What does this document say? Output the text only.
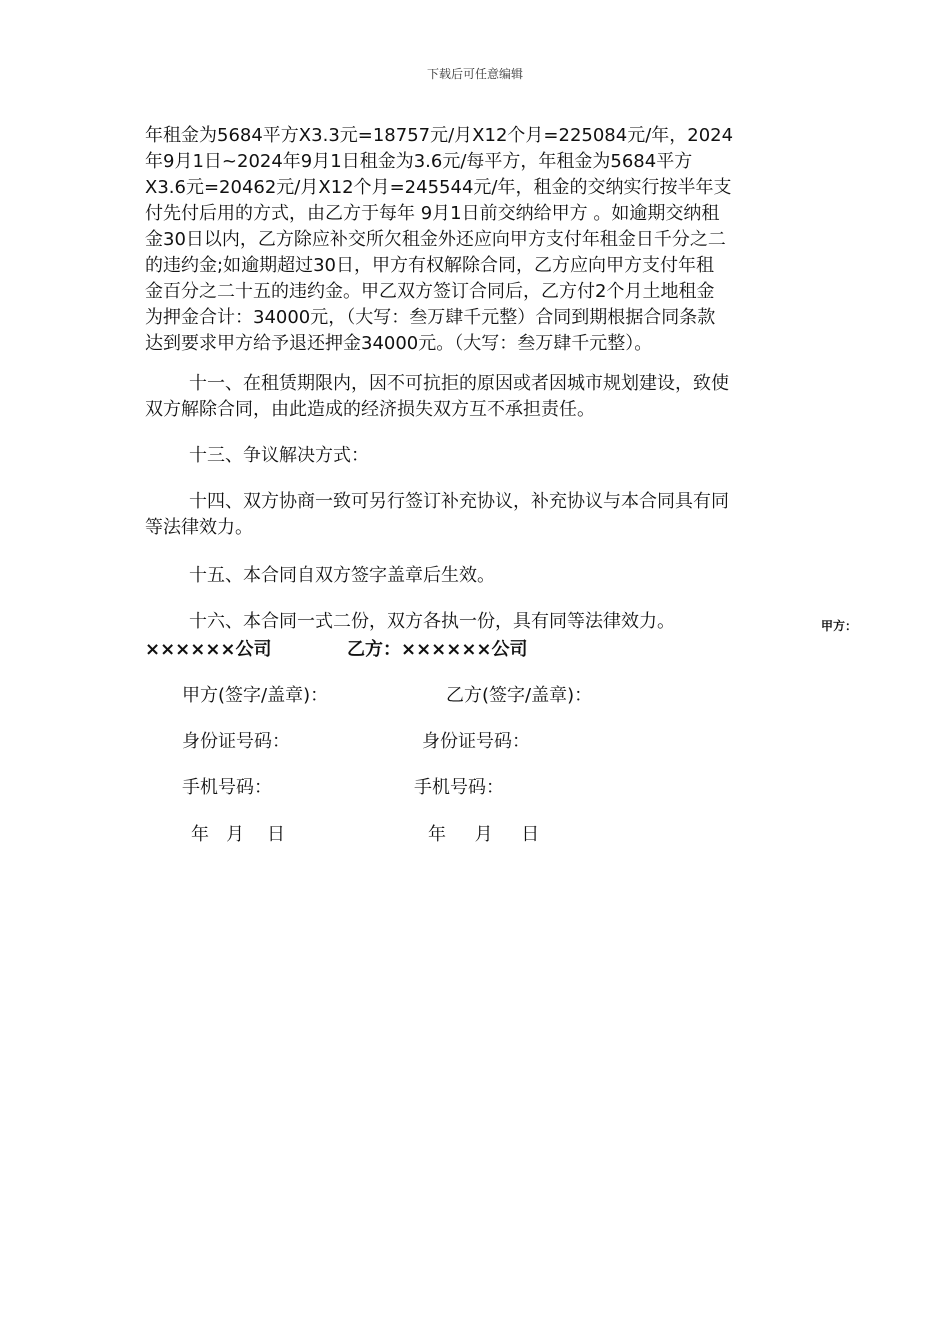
下载后可任意编辑
年租金为5684平方X3.3元=18757元/月X12个月=225084元/年，2024
年9月1日~2024年9月1日租金为3.6元/每平方，年租金为5684平方
X3.6元=20462元/月X12个月=245544元/年，租金的交纳实行按半年支
付先付后用的方式，由乙方于每年 9月1日前交纳给甲方 。如逾期交纳租
金30日以内，乙方除应补交所欠租金外还应向甲方支付年租金日千分之二
的违约金;如逾期超过30日，甲方有权解除合同，乙方应向甲方支付年租
金百分之二十五的违约金。甲乙双方签订合同后，乙方付2个月土地租金
为押金合计：34000元，（大写：叁万肆千元整）合同到期根据合同条款
达到要求甲方给予退还押金34000元。（大写：叁万肆千元整）。
十一、在租赁期限内，因不可抗拒的原因或者因城市规划建设，致使
双方解除合同，由此造成的经济损失双方互不承担责任。
十三、争议解决方式：
十四、双方协商一致可另行签订补充协议，补充协议与本合同具有同
等法律效力。
十五、本合同自双方签字盖章后生效。
十六、本合同一式二份，双方各执一份，具有同等法律效力。	甲方：
××××××公司	乙方：××××××公司
甲方(签字/盖章)：	乙方(签字/盖章)：
身份证号码：	身份证号码：
手机号码：	手机号码：
年   月    日	年     月     日
